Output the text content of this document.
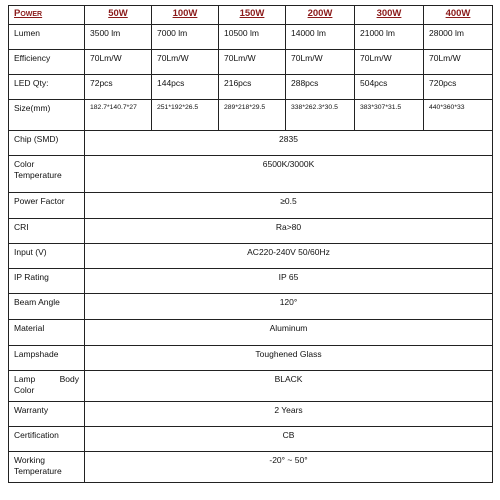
Power	50W	100W	150W	200W	300W	400W
Lumen	3500 lm	7000 lm	10500 lm	14000 lm	21000 lm	28000 lm
Efficiency	70Lm/W	70Lm/W	70Lm/W	70Lm/W	70Lm/W	70Lm/W
LED Qty:	72pcs	144pcs	216pcs	288pcs	504pcs	720pcs
Size(mm)	182.7*140.7*27	251*192*26.5	289*218*29.5	338*262.3*30.5	383*307*31.5	440*360*33
Chip (SMD)	2835					
Color Temperature	6500K/3000K					
Power Factor	≥0.5					
CRI	Ra>80					
Input (V)	AC220-240V 50/60Hz					
IP Rating	IP 65					
Beam Angle	120°					
Material	Aluminum					
Lampshade	Toughened Glass					
Lamp Body Color	BLACK					
Warranty	2 Years					
Certification	CB					
Working Temperature	-20° ~ 50°					
